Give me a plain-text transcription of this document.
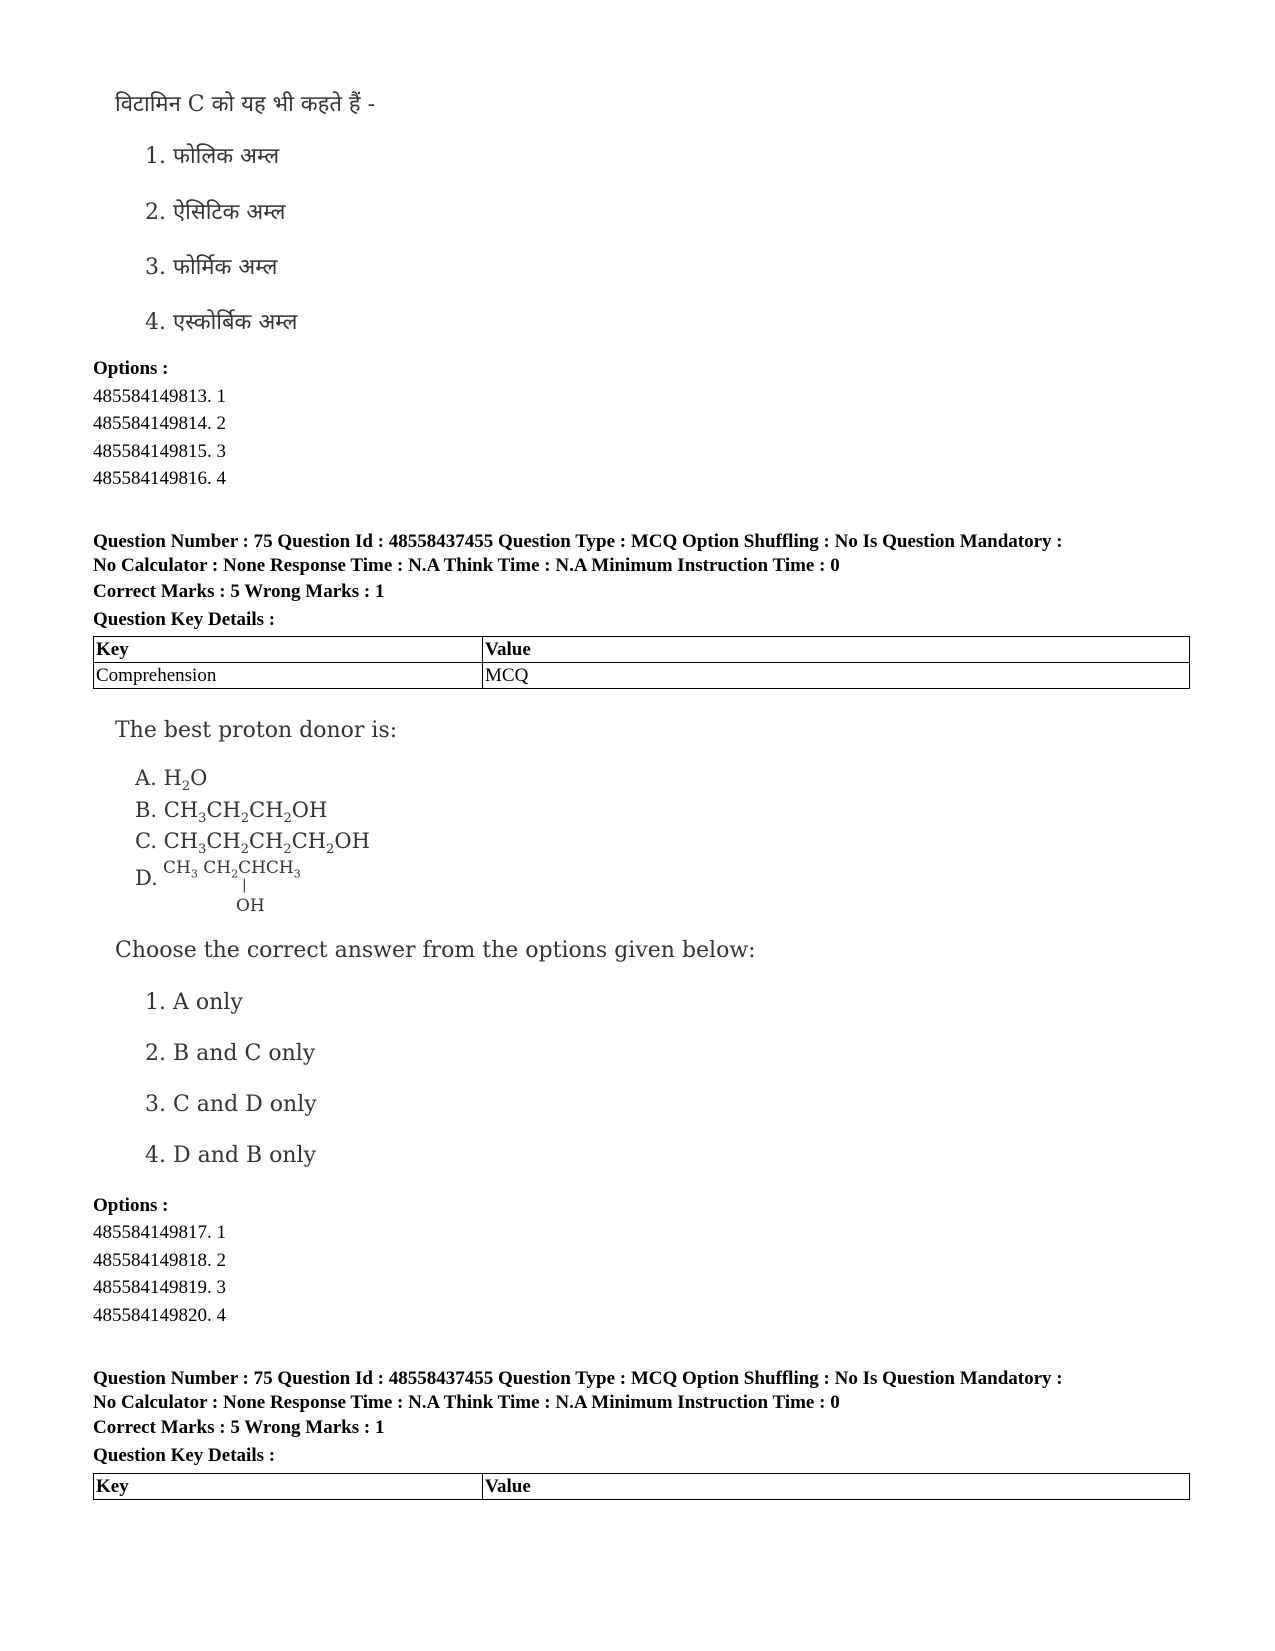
विटामिन C को यह भी कहते हैं -
1. फोलिक अम्ल
2. ऐसिटिक अम्ल
3. फोर्मिक अम्ल
4. एस्कोर्बिक अम्ल
Options :
485584149813. 1
485584149814. 2
485584149815. 3
485584149816. 4
Question Number : 75 Question Id : 48558437455 Question Type : MCQ Option Shuffling : No Is Question Mandatory :
No Calculator : None Response Time : N.A Think Time : N.A Minimum Instruction Time : 0
Correct Marks : 5 Wrong Marks : 1
Question Key Details :
Key	Value
Comprehension	MCQ
The best proton donor is:
A. $H_2O$
B. $CH_3CH_2CH_2OH$
C. $CH_3CH_2CH_2CH_2OH$
D. $CH_3$ $CH_2CHCH_3$
|
OH
Choose the correct answer from the options given below:
1. A only
2. B and C only
3. C and D only
4. D and B only
Options :
485584149817. 1
485584149818. 2
485584149819. 3
485584149820. 4
Question Number : 75 Question Id : 48558437455 Question Type : MCQ Option Shuffling : No Is Question Mandatory :
No Calculator : None Response Time : N.A Think Time : N.A Minimum Instruction Time : 0
Correct Marks : 5 Wrong Marks : 1
Question Key Details :
Key	Value
